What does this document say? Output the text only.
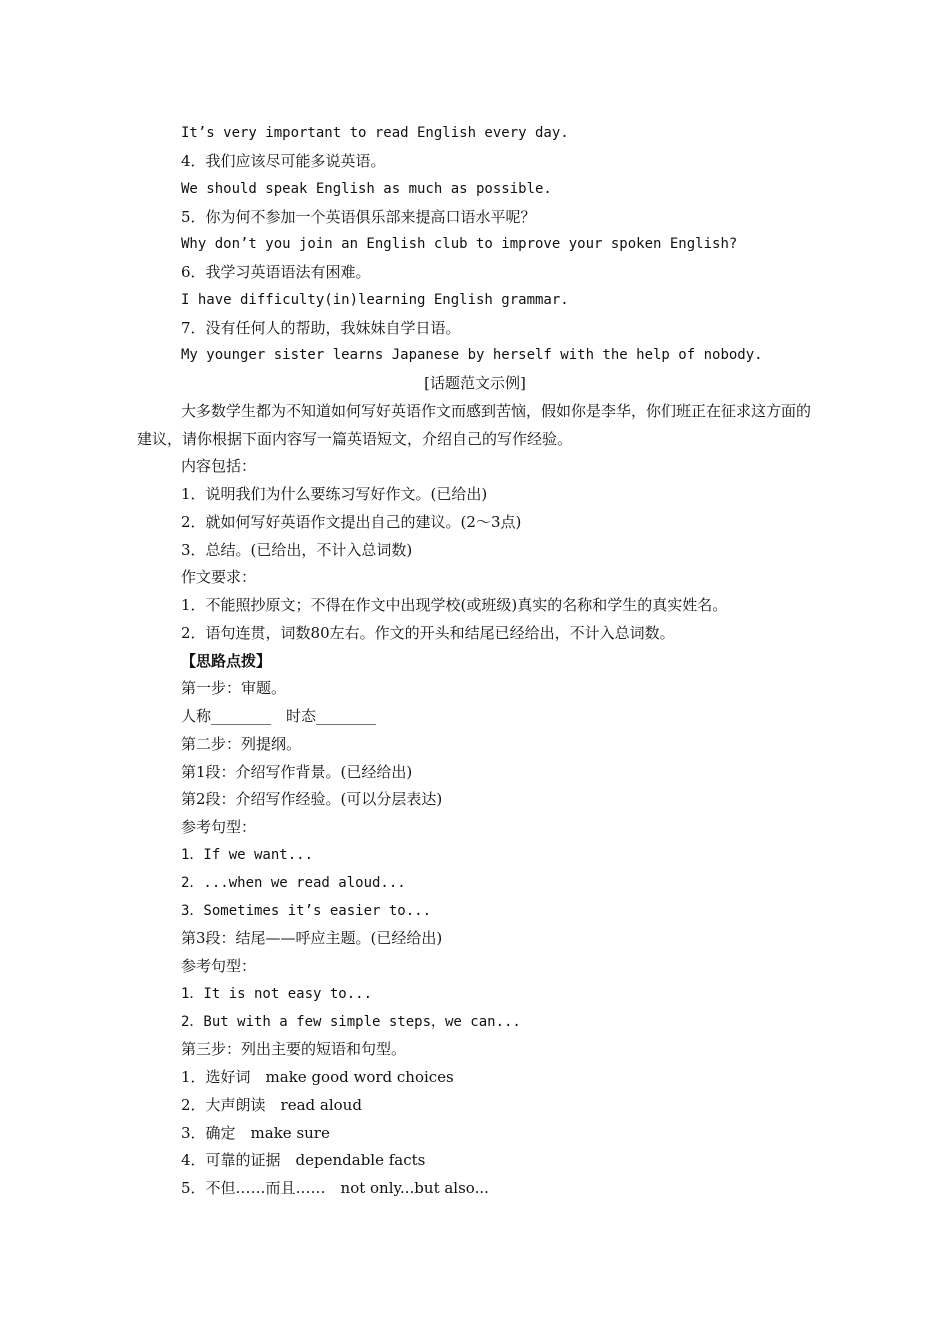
It’s very important to read English every day.
4．我们应该尽可能多说英语。
We should speak English as much as possible.
5．你为何不参加一个英语俱乐部来提高口语水平呢？
Why don’t you join an English club to improve your spoken English?
6．我学习英语语法有困难。
I have difficulty(in)learning English grammar.
7．没有任何人的帮助，我妹妹自学日语。
My younger sister learns Japanese by herself with the help of nobody.
[话题范文示例]
大多数学生都为不知道如何写好英语作文而感到苦恼，假如你是李华，你们班正在征求这方面的建议，请你根据下面内容写一篇英语短文，介绍自己的写作经验。
内容包括：
1．说明我们为什么要练习写好作文。(已给出)
2．就如何写好英语作文提出自己的建议。(2～3点)
3．总结。(已给出，不计入总词数)
作文要求：
1．不能照抄原文；不得在作文中出现学校(或班级)真实的名称和学生的真实姓名。
2．语句连贯，词数80左右。作文的开头和结尾已经给出，不计入总词数。
【思路点拨】
第一步：审题。
人称________　时态________
第二步：列提纲。
第1段：介绍写作背景。(已经给出)
第2段：介绍写作经验。(可以分层表达)
参考句型：
1．If we want...
2．...when we read aloud...
3．Sometimes it’s easier to...
第3段：结尾——呼应主题。(已经给出)
参考句型：
1．It is not easy to...
2．But with a few simple steps，we can...
第三步：列出主要的短语和句型。
1．选好词　make good word choices
2．大声朗读　read aloud
3．确定　make sure
4．可靠的证据　dependable facts
5．不但……而且……　not only...but also...
